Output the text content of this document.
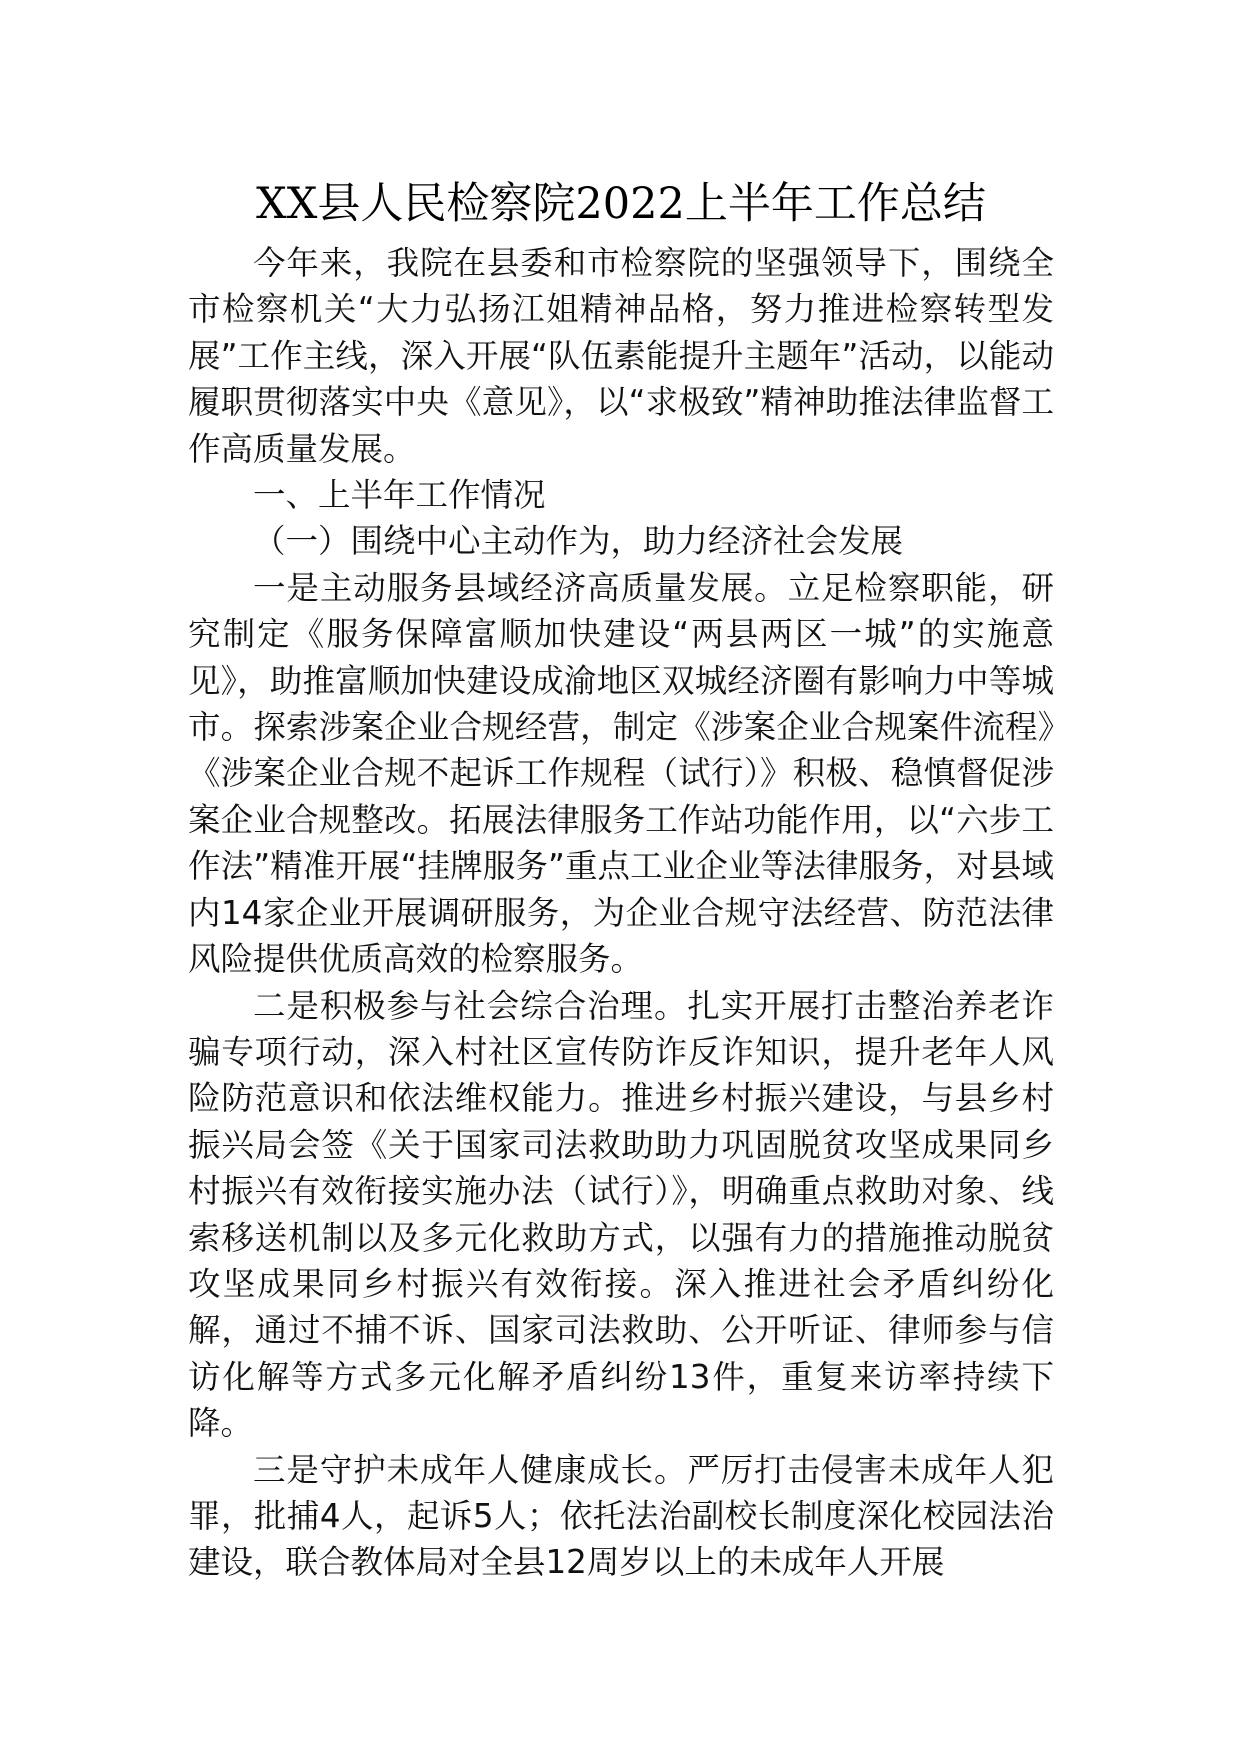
XX县人民检察院2022上半年工作总结

今年来，我院在县委和市检察院的坚强领导下，围绕全市检察机关“大力弘扬江姐精神品格，努力推进检察转型发展”工作主线，深入开展“队伍素能提升主题年”活动，以能动履职贯彻落实中央《意见》，以“求极致”精神助推法律监督工作高质量发展。

一、上半年工作情况

（一）围绕中心主动作为，助力经济社会发展

一是主动服务县域经济高质量发展。立足检察职能，研究制定《服务保障富顺加快建设“两县两区一城”的实施意见》，助推富顺加快建设成渝地区双城经济圈有影响力中等城市。探索涉案企业合规经营，制定《涉案企业合规案件流程》《涉案企业合规不起诉工作规程（试行）》积极、稳慎督促涉案企业合规整改。拓展法律服务工作站功能作用，以“六步工作法”精准开展“挂牌服务”重点工业企业等法律服务，对县域内14家企业开展调研服务，为企业合规守法经营、防范法律风险提供优质高效的检察服务。

二是积极参与社会综合治理。扎实开展打击整治养老诈骗专项行动，深入村社区宣传防诈反诈知识，提升老年人风险防范意识和依法维权能力。推进乡村振兴建设，与县乡村振兴局会签《关于国家司法救助助力巩固脱贫攻坚成果同乡村振兴有效衔接实施办法（试行）》，明确重点救助对象、线索移送机制以及多元化救助方式，以强有力的措施推动脱贫攻坚成果同乡村振兴有效衔接。深入推进社会矛盾纠纷化解，通过不捕不诉、国家司法救助、公开听证、律师参与信访化解等方式多元化解矛盾纠纷13件，重复来访率持续下降。

三是守护未成年人健康成长。严厉打击侵害未成年人犯罪，批捕4人，起诉5人；依托法治副校长制度深化校园法治建设，联合教体局对全县12周岁以上的未成年人开展
